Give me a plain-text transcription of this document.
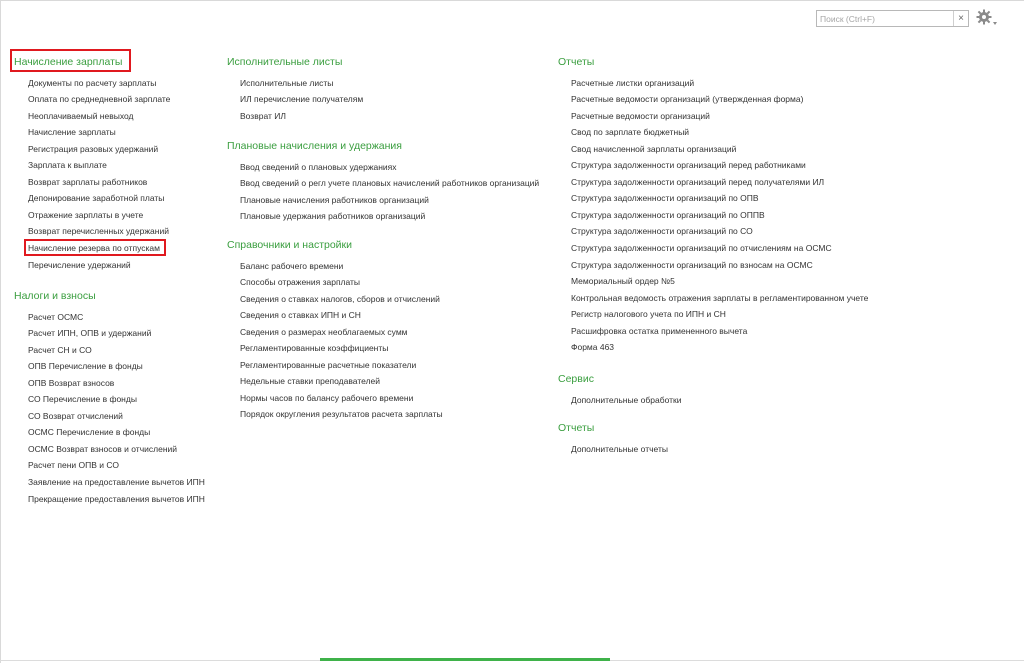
Поиск (Ctrl+F)
×
Начисление зарплаты
Документы по расчету зарплаты
Оплата по среднедневной зарплате
Неоплачиваемый невыход
Начисление зарплаты
Регистрация разовых удержаний
Зарплата к выплате
Возврат зарплаты работников
Депонирование заработной платы
Отражение зарплаты в учете
Возврат перечисленных удержаний
Начисление резерва по отпускам
Перечисление удержаний
Налоги и взносы
Расчет ОСМС
Расчет ИПН, ОПВ и удержаний
Расчет СН и СО
ОПВ Перечисление в фонды
ОПВ Возврат взносов
СО Перечисление в фонды
СО Возврат отчислений
ОСМС Перечисление в фонды
ОСМС Возврат взносов и отчислений
Расчет пени ОПВ и СО
Заявление на предоставление вычетов ИПН
Прекращение предоставления вычетов ИПН
Исполнительные листы
Исполнительные листы
ИЛ перечисление получателям
Возврат ИЛ
Плановые начисления и удержания
Ввод сведений о плановых удержаниях
Ввод сведений о регл учете плановых начислений работников организаций
Плановые начисления работников организаций
Плановые удержания работников организаций
Справочники и настройки
Баланс рабочего времени
Способы отражения зарплаты
Сведения о ставках налогов, сборов и отчислений
Сведения о ставках ИПН и СН
Сведения о размерах необлагаемых сумм
Регламентированные коэффициенты
Регламентированные расчетные показатели
Недельные ставки преподавателей
Нормы часов по балансу рабочего времени
Порядок округления результатов расчета зарплаты
Отчеты
Расчетные листки организаций
Расчетные ведомости организаций (утвержденная форма)
Расчетные ведомости организаций
Свод по зарплате бюджетный
Свод начисленной зарплаты организаций
Структура задолженности организаций перед работниками
Структура задолженности организаций перед получателями ИЛ
Структура задолженности организаций по ОПВ
Структура задолженности организаций по ОППВ
Структура задолженности организаций по СО
Структура задолженности организаций по отчислениям на ОСМС
Структура задолженности организаций по взносам на ОСМС
Мемориальный ордер №5
Контрольная ведомость отражения зарплаты в регламентированном учете
Регистр налогового учета по ИПН и СН
Расшифровка остатка примененного вычета
Форма 463
Сервис
Дополнительные обработки
Отчеты
Дополнительные отчеты
